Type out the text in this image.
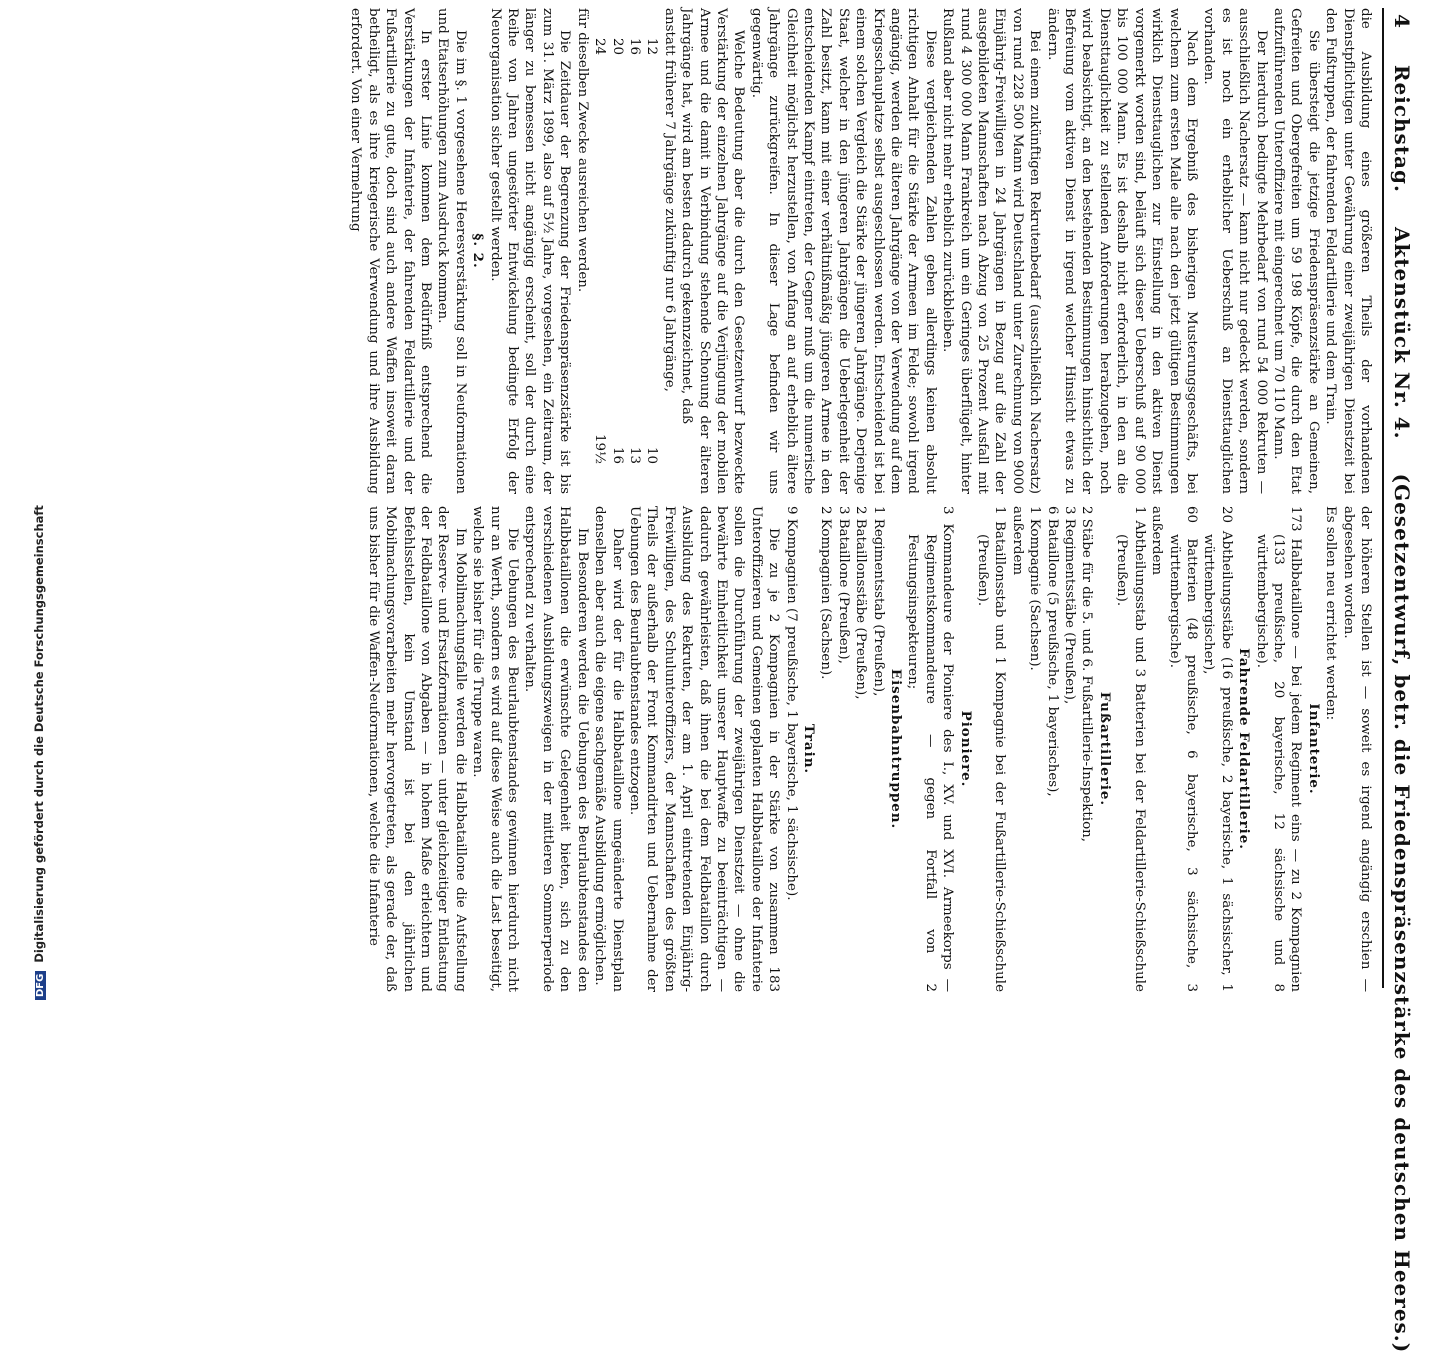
4 Reichstag. Aktenstück Nr. 4. (Gesetzentwurf, betr. die Friedenspräsenzstärke des deutschen Heeres.)

die Ausbildung eines größeren Theils der vorhandenen Dienstpflichtigen unter Gewährung einer zweijährigen Dienstzeit bei den Fußtruppen, der fahrenden Feldartillerie und dem Train.

Sie übersteigt die jetzige Friedenspräsenzstärke an Gemeinen, Gefreiten und Obergefreiten um 59 198 Köpfe, die durch den Etat aufzuführenden Unteroffiziere mit eingerechnet um 70 110 Mann.

Der hierdurch bedingte Mehrbedarf von rund 54 000 Rekruten — ausschließlich Nachersatz — kann nicht nur gedeckt werden, sondern es ist noch ein erheblicher Ueberschuß an Diensttauglichen vorhanden.

Nach dem Ergebniß des bisherigen Musterungsgeschäfts, bei welchem zum ersten Male alle nach den jetzt gültigen Bestimmungen wirklich Diensttauglichen zur Einstellung in den aktiven Dienst vorgemerkt worden sind, beläuft sich dieser Ueberschuß auf 90 000 bis 100 000 Mann. Es ist deshalb nicht erforderlich, in den an die Diensttauglichkeit zu stellenden Anforderungen herabzugehen, noch wird beabsichtigt, an den bestehenden Bestimmungen hinsichtlich der Befreiung vom aktiven Dienst in irgend welcher Hinsicht etwas zu ändern.

Bei einem zukünftigen Rekrutenbedarf (ausschließlich Nachersatz) von rund 228 500 Mann wird Deutschland unter Zurechnung von 9000 Einjährig-Freiwilligen in 24 Jahrgängen in Bezug auf die Zahl der ausgebildeten Mannschaften nach Abzug von 25 Prozent Ausfall mit rund 4 300 000 Mann Frankreich um ein Geringes überflügelt, hinter Rußland aber nicht mehr erheblich zurückbleiben.

Diese vergleichenden Zahlen geben allerdings keinen absolut richtigen Anhalt für die Stärke der Armeen im Felde; sowohl irgend angängig, werden die älteren Jahrgänge von der Verwendung auf dem Kriegsschauplatze selbst ausgeschlossen werden. Entscheidend ist bei einem solchen Vergleich die Stärke der jüngeren Jahrgänge. Derjenige Staat, welcher in den jüngeren Jahrgängen die Ueberlegenheit der Zahl besitzt, kann mit einer verhältnißmäßig jüngeren Armee in den entscheidenden Kampf eintreten, der Gegner muß um die numerische Gleichheit möglichst herzustellen, von Anfang an auf erheblich ältere Jahrgänge zurückgreifen. In dieser Lage befinden wir uns gegenwärtig.

Welche Bedeutung aber die durch den Gesetzentwurf bezweckte Verstärkung der einzelnen Jahrgänge auf die Verjüngung der mobilen Armee und die damit in Verbindung stehende Schonung der älteren Jahrgänge hat, wird am besten dadurch gekennzeichnet, daß

anstatt früherer 7 Jahrgänge zukünftig nur 6 Jahrgänge,

12
10
16
13
20
16
24
19½

für dieselben Zwecke ausreichen werden.

Die Zeitdauer der Begrenzung der Friedenspräsenzstärke ist bis zum 31. März 1899, also auf 5½ Jahre, vorgesehen, ein Zeitraum, der länger zu bemessen nicht angängig erscheint, soll der durch eine Reihe von Jahren ungestörter Entwickelung bedingte Erfolg der Neuorganisation sicher gestellt werden.

§. 2.

Die im §. 1 vorgesehene Heeresverstärkung soll in Neuformationen und Etatserhöhungen zum Ausdruck kommen.

In erster Linie kommen dem Bedürfniß entsprechend die Verstärkungen der Infanterie, der fahrenden Feldartillerie und der Fußartillerie zu gute, doch sind auch andere Waffen insoweit daran betheiligt, als es ihre kriegerische Verwendung und ihre Ausbildung erfordert. Von einer Vermehrung

der höheren Stellen ist — soweit es irgend angängig erschien — abgesehen worden.

Es sollen neu errichtet werden:

Infanterie.

173 Halbbataillone — bei jedem Regiment eins — zu 2 Kompagnien (133 preußische, 20 bayerische, 12 sächsische und 8 württembergische).

Fahrende Feldartillerie.

20 Abtheilungsstäbe (16 preußische, 2 bayerische, 1 sächsischer, 1 württembergischer),

60 Batterien (48 preußische, 6 bayerische, 3 sächsische, 3 württembergische).

außerdem

1 Abtheilungsstab und 3 Batterien bei der Feldartillerie-Schießschule (Preußen).

Fußartillerie.

2 Stäbe für die 5. und 6. Fußartillerie-Inspektion,

3 Regimentsstäbe (Preußen),

6 Bataillone (5 preußische, 1 bayerisches),

1 Kompagnie (Sachsen).

außerdem

1 Bataillonsstab und 1 Kompagnie bei der Fußartillerie-Schießschule (Preußen).

Pioniere.

3 Kommandeure der Pioniere des I., XV. und XVI. Armeekorps — Regimentskommandeure — gegen Fortfall von 2 Festungsinspekteuren;

Eisenbahntruppen.

1 Regimentsstab (Preußen),

2 Bataillonsstäbe (Preußen),

3 Bataillone (Preußen),

2 Kompagnien (Sachsen).

Train.

9 Kompagnien (7 preußische, 1 bayerische, 1 sächsische).

Die zu je 2 Kompagnien in der Stärke von zusammen 183 Unteroffizieren und Gemeinen geplanten Halbbataillone der Infanterie sollen die Durchführung der zweijährigen Dienstzeit — ohne die bewährte Einheitlichkeit unserer Hauptwaffe zu beeinträchtigen — dadurch gewährleisten, daß ihnen die bei dem Feldbataillon durch Ausbildung des Rekruten, der am 1. April eintretenden Einjährig-Freiwilligen, des Schulunteroffiziers, der Mannschaften des größten Theils der außerhalb der Front Kommandirten und Uebernahme der Uebungen des Beurlaubtenstandes entzogen.

Daher wird der für die Halbbataillone umgeänderte Dienstplan denselben aber auch die eigene sachgemäße Ausbildung ermöglichen.

Im Besonderen werden die Uebungen des Beurlaubtenstandes den Halbbataillonen die erwünschte Gelegenheit bieten, sich zu den verschiedenen Ausbildungszweigen in der mittleren Sommerperiode entsprechend zu verhalten.

Die Uebungen des Beurlaubtenstandes gewinnen hierdurch nicht nur an Werth, sondern es wird auf diese Weise auch die Last beseitigt, welche sie bisher für die Truppe waren.

Im Mobilmachungsfalle werden die Halbbataillone die Aufstellung der Reserve- und Ersatzformationen — unter gleichzeitiger Entlastung der Feldbataillone von Abgaben — in hohem Maße erleichtern und Befehlsstellen, kein Umstand ist bei den jährlichen Mobilmachungsvorarbeiten mehr hervorgetreten, als gerade der, daß uns bisher für die Waffen-Neuformationen, welche die Infanterie

DFG Digitalisierung gefördert durch die Deutsche Forschungsgemeinschaft
